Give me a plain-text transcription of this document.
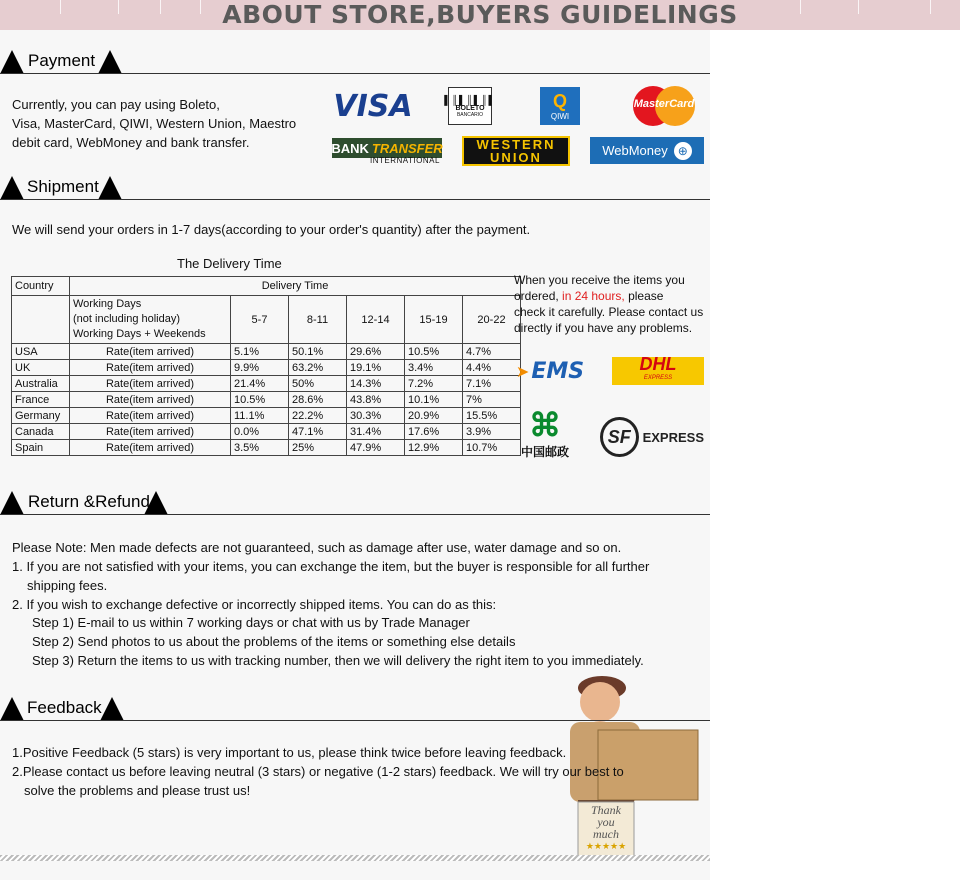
ABOUT STORE,BUYERS GUIDELINGS
Payment
Currently, you can pay using Boleto,
Visa, MasterCard, QIWI, Western Union, Maestro
debit card, WebMoney and bank transfer.
VISA	▌║▌║▌║▌
BOLETO
BANCARIO
Q
QIWI
MasterCard
BANK TRANSFER
INTERNATIONAL
WESTERN
UNION	WebMoney ⊕
Shipment
We will send your orders in 1-7 days(according to your order's quantity) after the payment.
The Delivery Time
Country	Delivery Time					

	Working Days
(not including holiday)
Working Days + Weekends	5-7	8-11	12-14	15-19	20-22
USA	Rate(item arrived)	5.1%	50.1%	29.6%	10.5%	4.7%
UK	Rate(item arrived)	9.9%	63.2%	19.1%	3.4%	4.4%
Australia	Rate(item arrived)	21.4%	50%	14.3%	7.2%	7.1%
France	Rate(item arrived)	10.5%	28.6%	43.8%	10.1%	7%
Germany	Rate(item arrived)	11.1%	22.2%	30.3%	20.9%	15.5%
Canada	Rate(item arrived)	0.0%	47.1%	31.4%	17.6%	3.9%
Spain	Rate(item arrived)	3.5%	25%	47.9%	12.9%	10.7%
When you receive the items you
ordered, in 24 hours, please
check it carefully. Please contact us
directly if you have any problems.
➤ EMS	DHL
EXPRESS
⌘
中国邮政
SF EXPRESS
Return &Refund
Please Note: Men made defects are not guaranteed, such as damage after use, water damage and so on.
1. If you are not satisfied with your items, you can exchange the item, but the buyer is responsible for all further
shipping fees.
2. If you wish to exchange defective or incorrectly shipped items. You can do as this:
Step 1) E-mail to us within 7 working days or chat with us by Trade Manager
Step 2) Send photos to us about the problems of the items or something else details
Step 3) Return the items to us with tracking number, then we will delivery the right item to you immediately.
Thank
you
much
★★★★★
Feedback
1.Positive Feedback (5 stars) is very important to us, please think twice before leaving feedback.
2.Please contact us before leaving neutral (3 stars) or negative (1-2 stars) feedback. We will try our best to
solve the problems and please trust us!
